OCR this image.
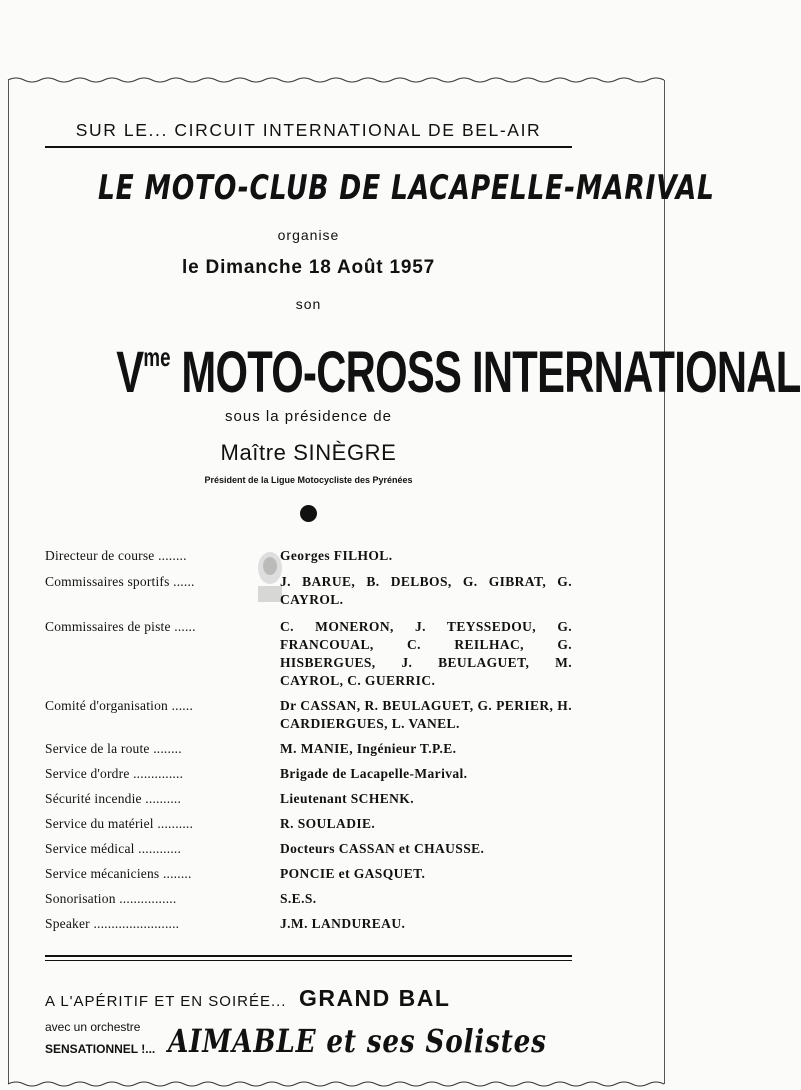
SUR LE... CIRCUIT INTERNATIONAL DE BEL-AIR
LE MOTO-CLUB DE LACAPELLE-MARIVAL
organise
le Dimanche 18 Août 1957
son
$V^{me}$ MOTO-CROSS INTERNATIONAL
sous la présidence de
Maître SINÈGRE
Président de la Ligue Motocycliste des Pyrénées
Directeur de course ........	Georges FILHOL.
Commissaires sportifs ......	J. BARUE, B. DELBOS, G. GIBRAT, G. CAYROL.
Commissaires de piste ......	C. MONERON, J. TEYSSEDOU, G. FRANCOUAL, C. REILHAC, G. HISBERGUES, J. BEULAGUET, M. CAYROL, C. GUERRIC.
Comité d'organisation ......	Dr CASSAN, R. BEULAGUET, G. PERIER, H. CARDIERGUES, L. VANEL.
Service de la route ........	M. MANIE, Ingénieur T.P.E.
Service d'ordre ..............	Brigade de Lacapelle-Marival.
Sécurité incendie ..........	Lieutenant SCHENK.
Service du matériel ..........	R. SOULADIE.
Service médical ............	Docteurs CASSAN et CHAUSSE.
Service mécaniciens ........	PONCIE et GASQUET.
Sonorisation ................	S.E.S.
Speaker ........................	J.M. LANDUREAU.
A L'APÉRITIF ET EN SOIRÉE... GRAND BAL
avec un orchestre
SENSATIONNEL !... AIMABLE et ses Solistes
